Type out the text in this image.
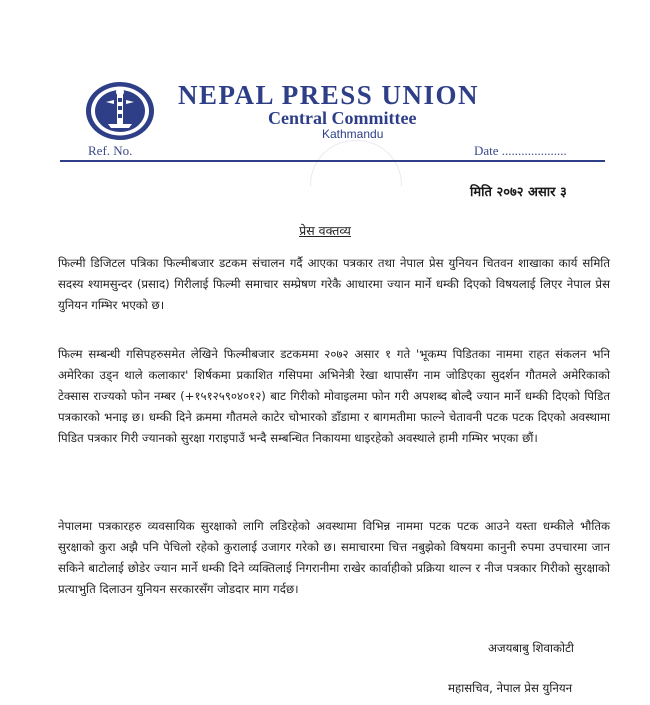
NEPAL PRESS UNION
Central Committee
Kathmandu
Ref. No.	Date ....................
मिति २०७२ असार ३
प्रेस वक्तव्य

फिल्मी डिजिटल पत्रिका फिल्मीबजार डटकम संचालन गर्दै आएका पत्रकार तथा नेपाल प्रेस युनियन चितवन शाखाका कार्य समिति सदस्य श्यामसुन्दर (प्रसाद) गिरीलाई फिल्मी समाचार सम्प्रेषण गरेकै आधारमा ज्यान मार्ने धम्की दिएको विषयलाई लिएर नेपाल प्रेस युनियन गम्भिर भएको छ।

फिल्म सम्बन्धी गसिपहरुसमेत लेखिने फिल्मीबजार डटकममा २०७२ असार १ गते 'भूकम्प पिडितका नाममा राहत संकलन भनि अमेरिका उड्न थाले कलाकार' शिर्षकमा प्रकाशित गसिपमा अभिनेत्री रेखा थापासँग नाम जोडिएका सुदर्शन गौतमले अमेरिकाको टेक्सास राज्यको फोन नम्बर (+१५१२५९०४०१२) बाट गिरीको मोवाइलमा फोन गरी अपशब्द बोल्दै ज्यान मार्ने धम्की दिएको पिडित पत्रकारको भनाइ छ। धम्की दिने क्रममा गौतमले काटेर चोभारको डाँडामा र बागमतीमा फाल्ने चेतावनी पटक पटक दिएको अवस्थामा पिडित पत्रकार गिरी ज्यानको सुरक्षा गराइपाउँ भन्दै सम्बन्धित निकायमा धाइरहेको अवस्थाले हामी गम्भिर भएका छौं।

नेपालमा पत्रकारहरु व्यवसायिक सुरक्षाको लागि लडिरहेको अवस्थामा विभिन्न नाममा पटक पटक आउने यस्ता धम्कीले भौतिक सुरक्षाको कुरा अझै पनि पेचिलो रहेको कुरालाई उजागर गरेको छ। समाचारमा चित्त नबुझेको विषयमा कानुनी रुपमा उपचारमा जान सकिने बाटोलाई छोडेर ज्यान मार्ने धम्की दिने व्यक्तिलाई निगरानीमा राखेर कार्वाहीको प्रक्रिया थाल्न र नीज पत्रकार गिरीको सुरक्षाको प्रत्याभुति दिलाउन युनियन सरकारसँग जोडदार माग गर्दछ।

अजयबाबु शिवाकोटी
महासचिव, नेपाल प्रेस युनियन
